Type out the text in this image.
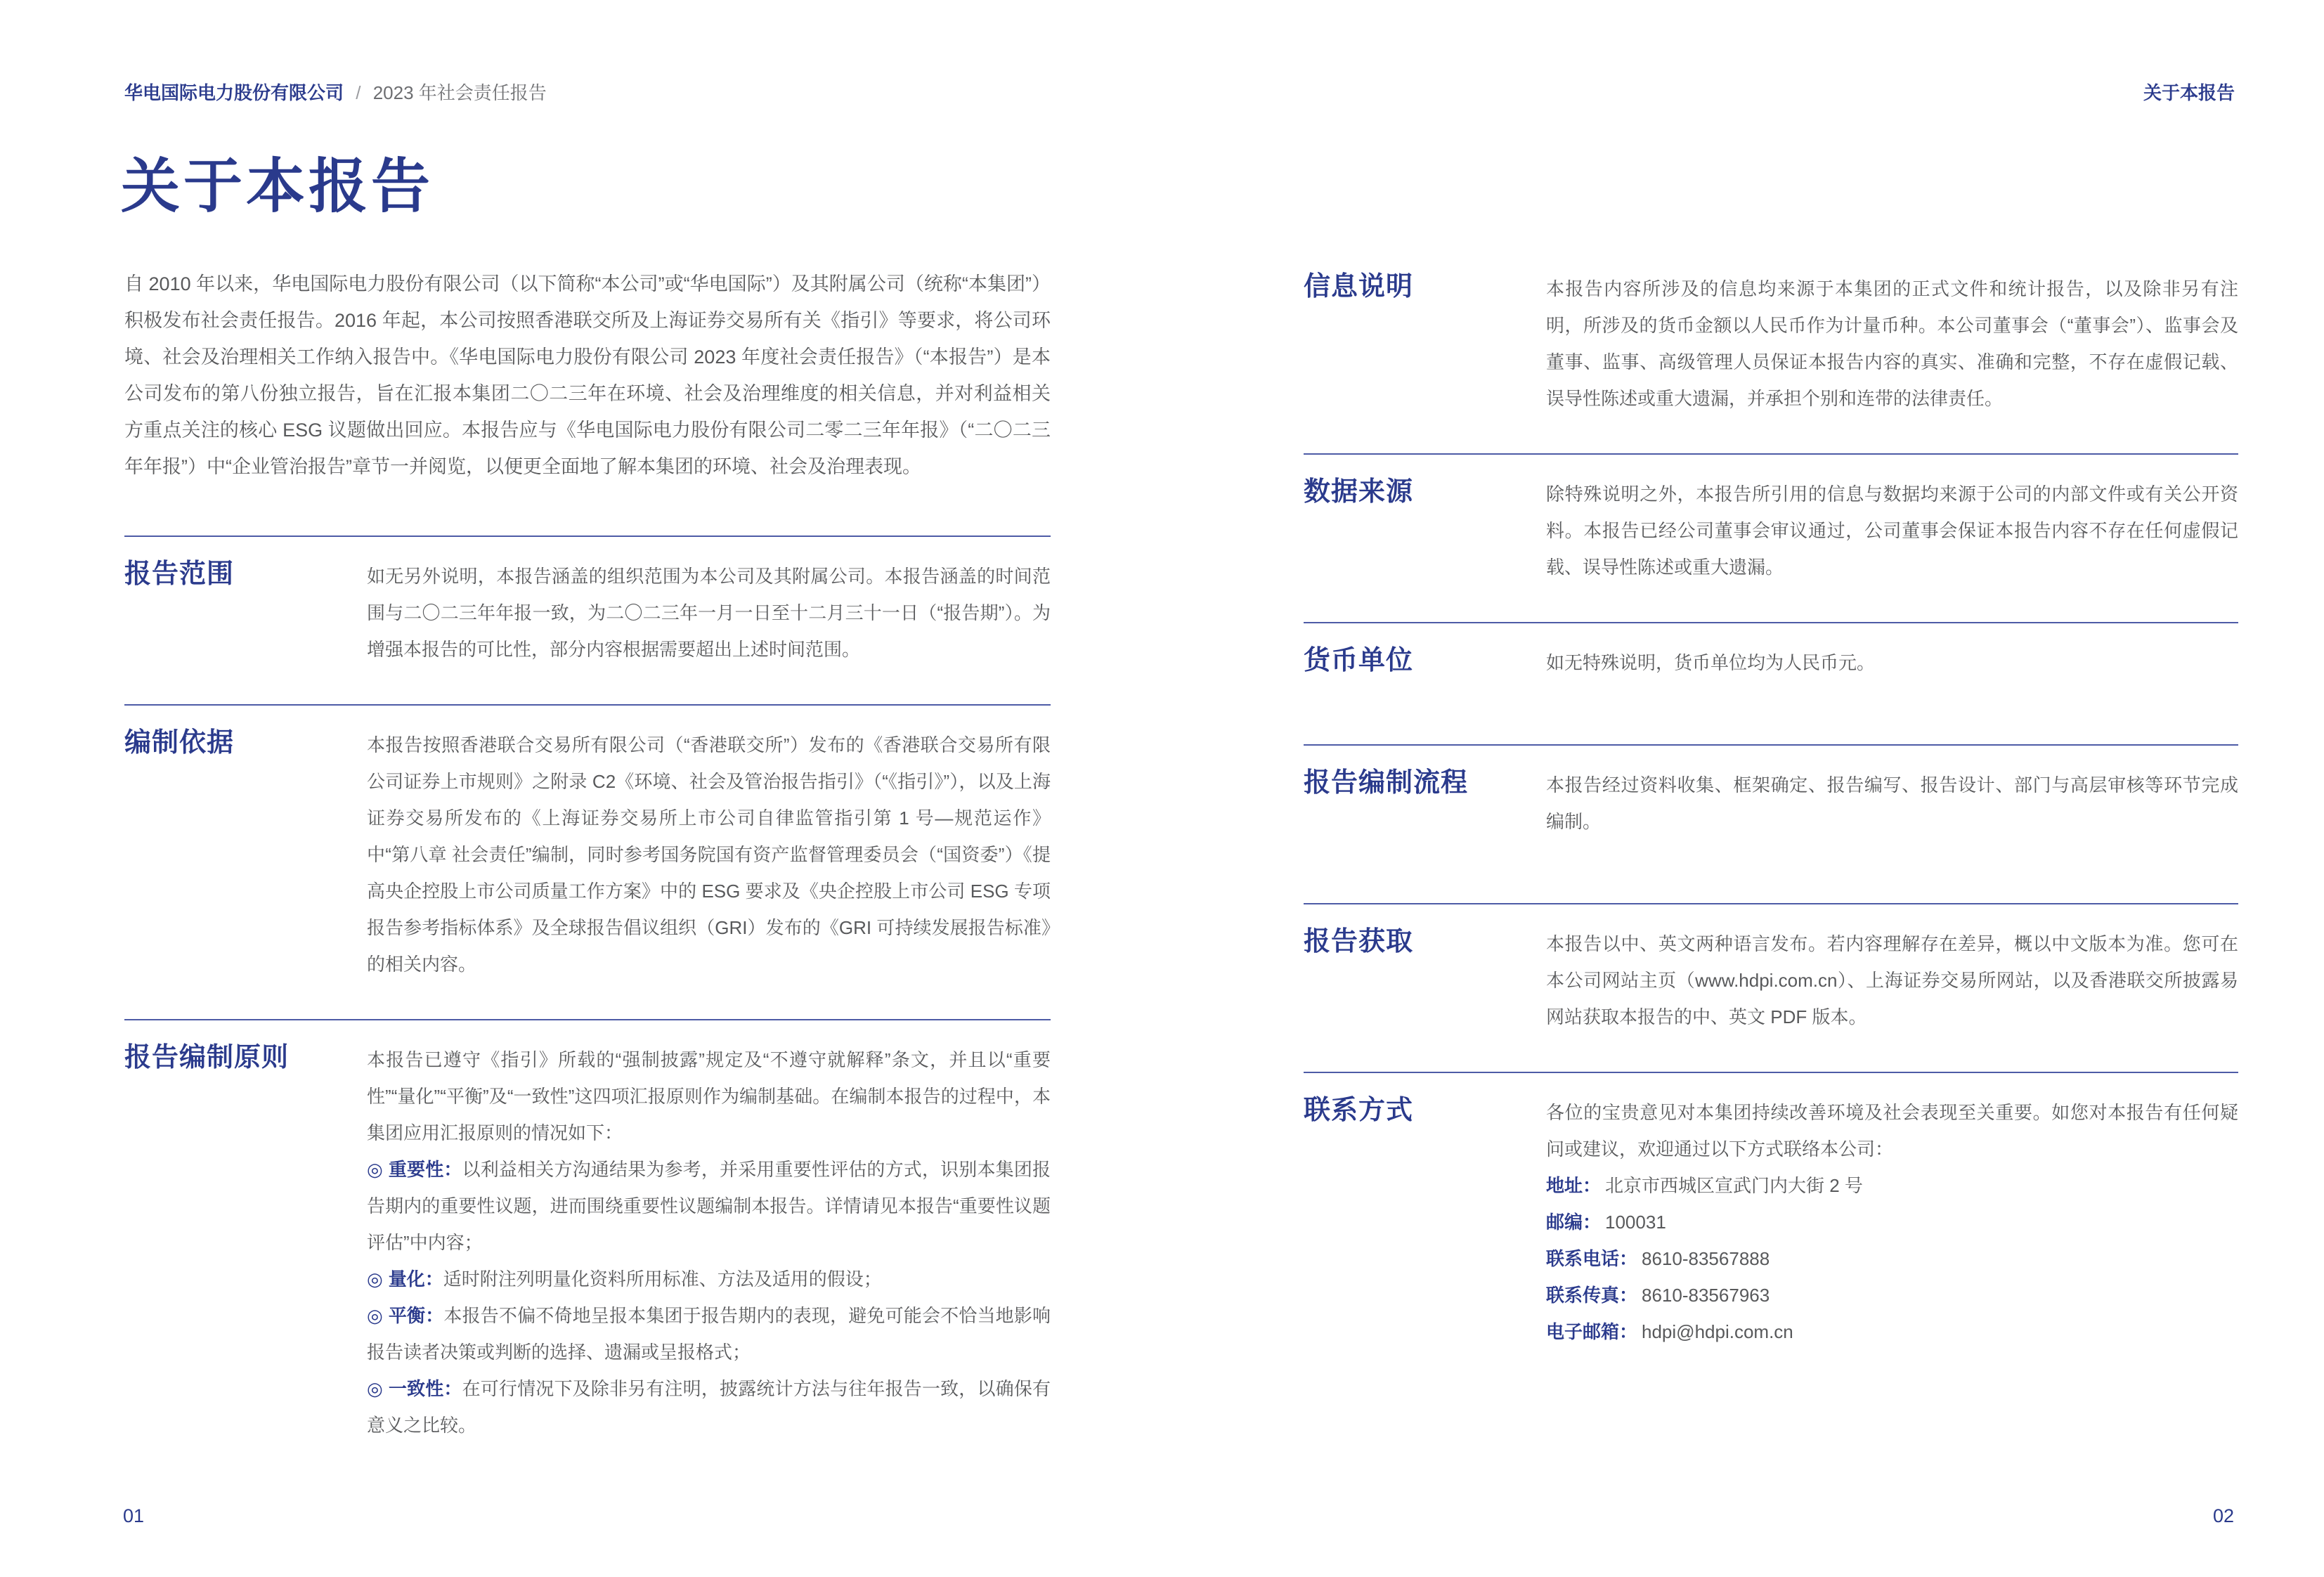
华电国际电力股份有限公司 / 2023 年社会责任报告	关于本报告
关于本报告

自 2010 年以来，华电国际电力股份有限公司（以下简称“本公司”或“华电国际”）及其附属公司（统称“本集团”）积极发布社会责任报告。2016 年起，本公司按照香港联交所及上海证券交易所有关《指引》等要求，将公司环境、社会及治理相关工作纳入报告中。《华电国际电力股份有限公司 2023 年度社会责任报告》（“本报告”）是本公司发布的第八份独立报告，旨在汇报本集团二〇二三年在环境、社会及治理维度的相关信息，并对利益相关方重点关注的核心 ESG 议题做出回应。本报告应与《华电国际电力股份有限公司二零二三年年报》（“二〇二三年年报”）中“企业管治报告”章节一并阅览，以便更全面地了解本集团的环境、社会及治理表现。

报告范围	如无另外说明，本报告涵盖的组织范围为本公司及其附属公司。本报告涵盖的时间范围与二〇二三年年报一致，为二〇二三年一月一日至十二月三十一日（“报告期”）。为增强本报告的可比性，部分内容根据需要超出上述时间范围。
编制依据	本报告按照香港联合交易所有限公司（“香港联交所”）发布的《香港联合交易所有限公司证券上市规则》之附录 C2《环境、社会及管治报告指引》（“《指引》”），以及上海证券交易所发布的《上海证券交易所上市公司自律监管指引第 1 号—规范运作》中“第八章 社会责任”编制，同时参考国务院国有资产监督管理委员会（“国资委”）《提高央企控股上市公司质量工作方案》中的 ESG 要求及《央企控股上市公司 ESG 专项报告参考指标体系》及全球报告倡议组织（GRI）发布的《GRI 可持续发展报告标准》的相关内容。
报告编制原则	本报告已遵守《指引》所载的“强制披露”规定及“不遵守就解释”条文，并且以“重要性”“量化”“平衡”及“一致性”这四项汇报原则作为编制基础。在编制本报告的过程中，本集团应用汇报原则的情况如下：

◎ 重要性：以利益相关方沟通结果为参考，并采用重要性评估的方式，识别本集团报告期内的重要性议题，进而围绕重要性议题编制本报告。详情请见本报告“重要性议题评估”中内容；

◎ 量化：适时附注列明量化资料所用标准、方法及适用的假设；

◎ 平衡：本报告不偏不倚地呈报本集团于报告期内的表现，避免可能会不恰当地影响报告读者决策或判断的选择、遗漏或呈报格式；

◎ 一致性：在可行情况下及除非另有注明，披露统计方法与往年报告一致，以确保有意义之比较。

信息说明	本报告内容所涉及的信息均来源于本集团的正式文件和统计报告，以及除非另有注明，所涉及的货币金额以人民币作为计量币种。本公司董事会（“董事会”）、监事会及董事、监事、高级管理人员保证本报告内容的真实、准确和完整，不存在虚假记载、误导性陈述或重大遗漏，并承担个别和连带的法律责任。
数据来源	除特殊说明之外，本报告所引用的信息与数据均来源于公司的内部文件或有关公开资料。本报告已经公司董事会审议通过，公司董事会保证本报告内容不存在任何虚假记载、误导性陈述或重大遗漏。
货币单位	如无特殊说明，货币单位均为人民币元。
报告编制流程	本报告经过资料收集、框架确定、报告编写、报告设计、部门与高层审核等环节完成编制。
报告获取	本报告以中、英文两种语言发布。若内容理解存在差异，概以中文版本为准。您可在本公司网站主页（www.hdpi.com.cn）、上海证券交易所网站，以及香港联交所披露易网站获取本报告的中、英文 PDF 版本。
联系方式	各位的宝贵意见对本集团持续改善环境及社会表现至关重要。如您对本报告有任何疑问或建议，欢迎通过以下方式联络本公司：

地址： 北京市西城区宣武门内大街 2 号

邮编： 100031

联系电话： 8610-83567888

联系传真： 8610-83567963

电子邮箱： hdpi@hdpi.com.cn

01	02
